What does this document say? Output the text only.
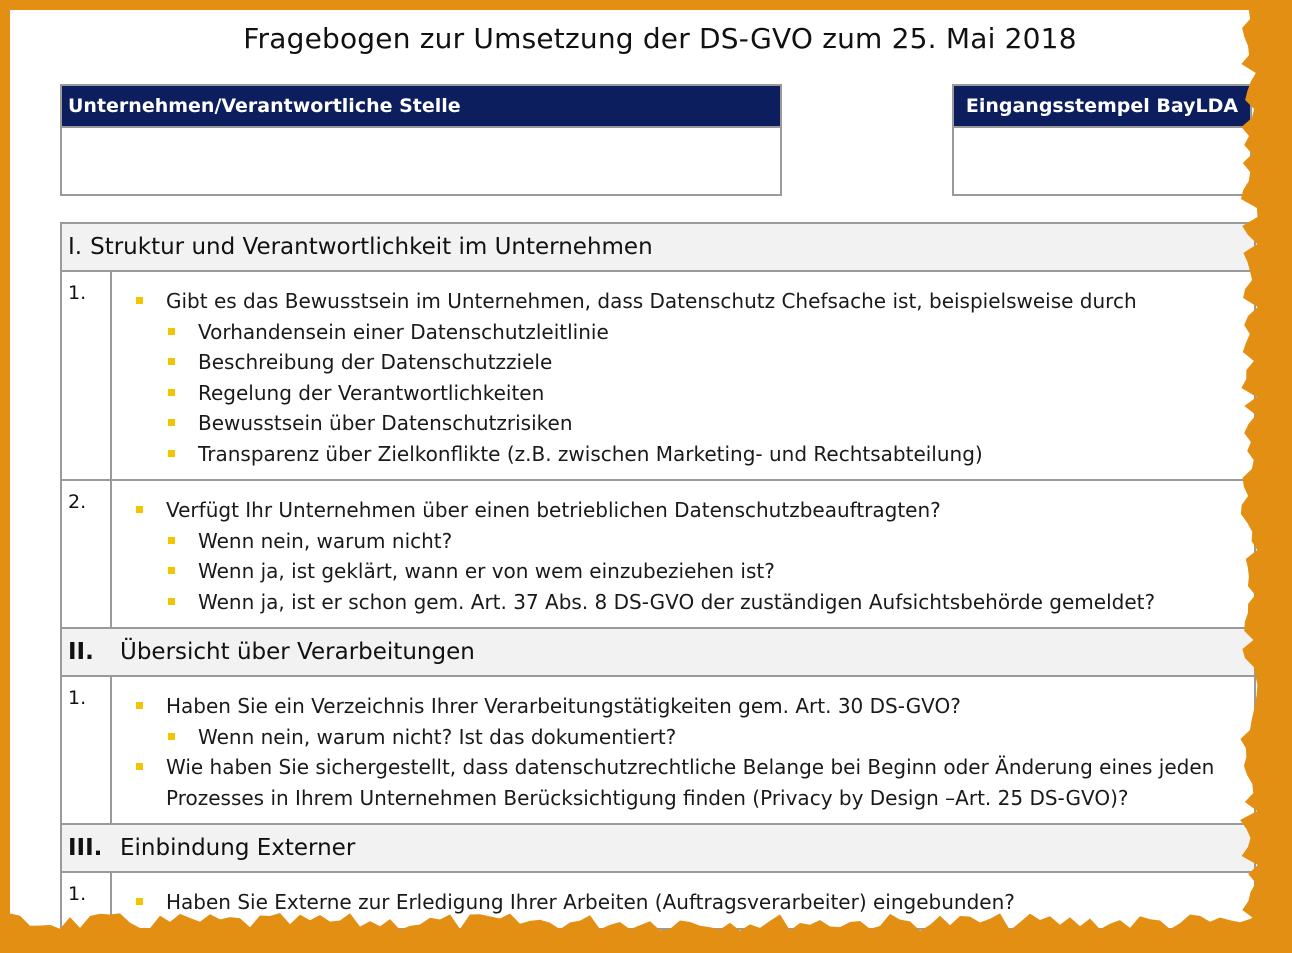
Fragebogen zur Umsetzung der DS-GVO zum 25. Mai 2018
Unternehmen/Verantwortliche Stelle	Eingangsstempel BayLDA
I. Struktur und Verantwortlichkeit im Unternehmen
1.	Gibt es das Bewusstsein im Unternehmen, dass Datenschutz Chefsache ist, beispielsweise durch
Vorhandensein einer Datenschutzleitlinie
Beschreibung der Datenschutzziele
Regelung der Verantwortlichkeiten
Bewusstsein über Datenschutzrisiken
Transparenz über Zielkonflikte (z.B. zwischen Marketing- und Rechtsabteilung)
2.	Verfügt Ihr Unternehmen über einen betrieblichen Datenschutzbeauftragten?
Wenn nein, warum nicht?
Wenn ja, ist geklärt, wann er von wem einzubeziehen ist?
Wenn ja, ist er schon gem. Art. 37 Abs. 8 DS-GVO der zuständigen Aufsichtsbehörde gemeldet?
II. Übersicht über Verarbeitungen
1.	Haben Sie ein Verzeichnis Ihrer Verarbeitungstätigkeiten gem. Art. 30 DS-GVO?
Wenn nein, warum nicht? Ist das dokumentiert?
Wie haben Sie sichergestellt, dass datenschutzrechtliche Belange bei Beginn oder Änderung eines jeden Prozesses in Ihrem Unternehmen Berücksichtigung finden (Privacy by Design –Art. 25 DS-GVO)?
III. Einbindung Externer
1.	Haben Sie Externe zur Erledigung Ihrer Arbeiten (Auftragsverarbeiter) eingebunden?
